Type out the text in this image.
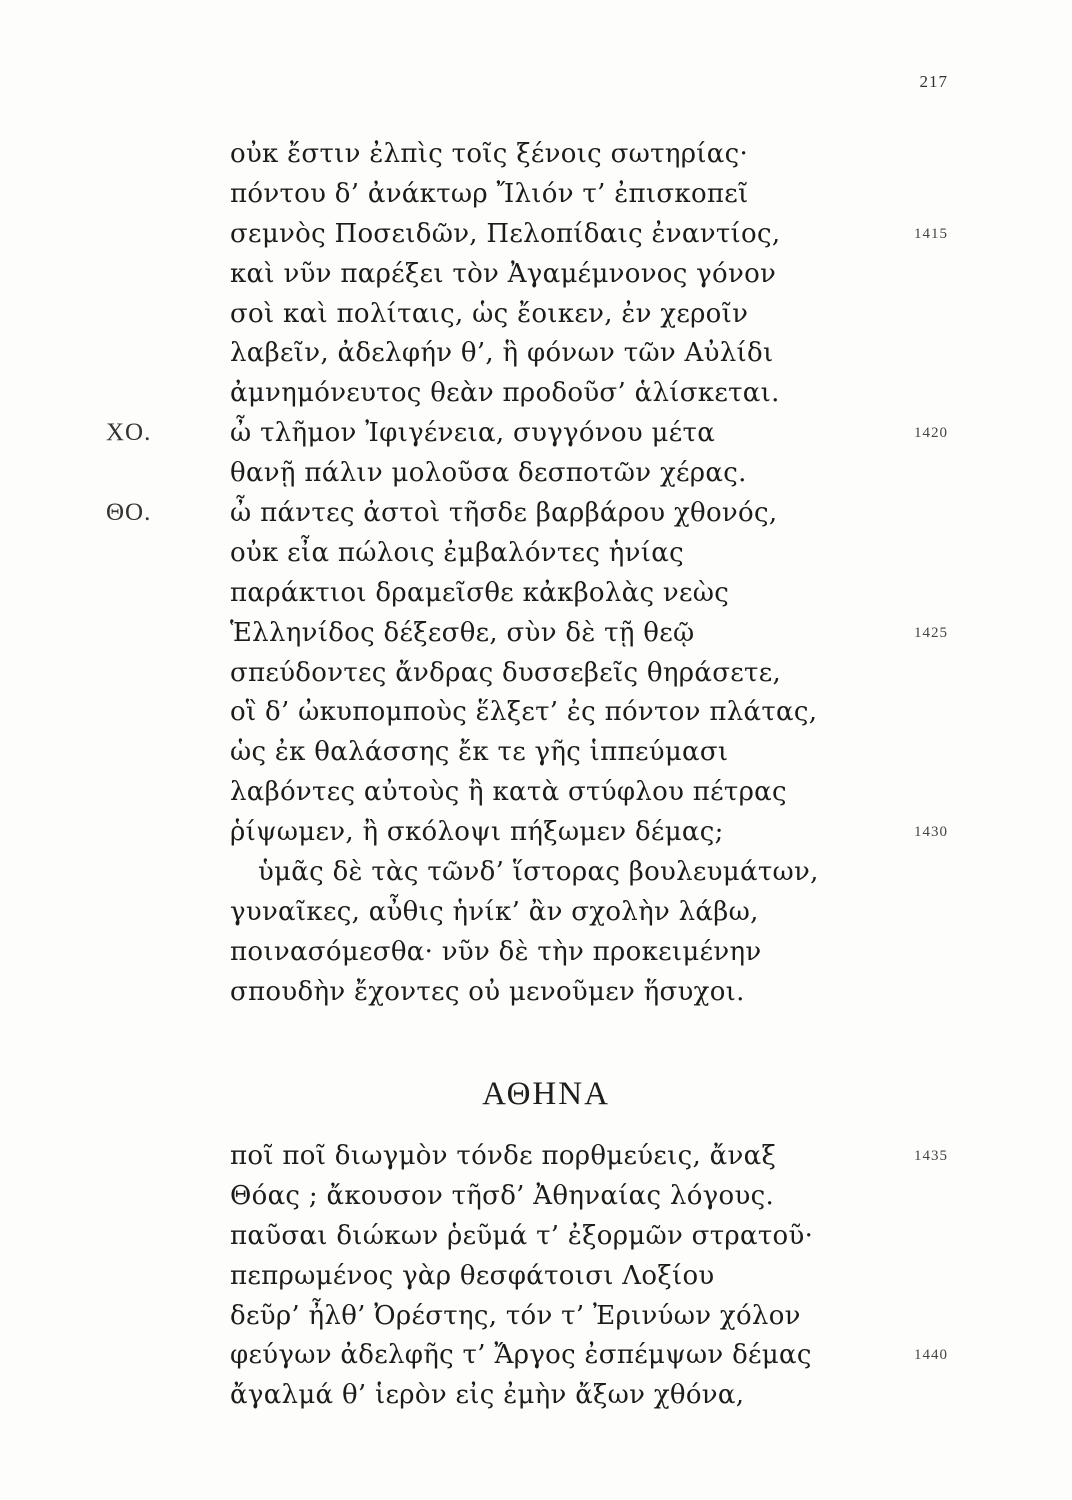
217
οὐκ ἔστιν ἐλπὶς τοῖς ξένοις σωτηρίας·
πόντου δ’ ἀνάκτωρ Ἴλιόν τ’ ἐπισκοπεῖ
σεμνὸς Ποσειδῶν, Πελοπίδαις ἐναντίος,	1415
καὶ νῦν παρέξει τὸν Ἀγαμέμνονος γόνον
σοὶ καὶ πολίταις, ὡς ἔοικεν, ἐν χεροῖν
λαβεῖν, ἀδελφήν θ’, ἣ φόνων τῶν Αὐλίδι
ἀμνημόνευτος θεὰν προδοῦσ’ ἁλίσκεται.
ΧΟ.	ὦ τλῆμον Ἰφιγένεια, συγγόνου μέτα	1420
θανῇ πάλιν μολοῦσα δεσποτῶν χέρας.
ΘΟ.	ὦ πάντες ἀστοὶ τῆσδε βαρβάρου χθονός,
οὐκ εἶα πώλοις ἐμβαλόντες ἡνίας
παράκτιοι δραμεῖσθε κἀκβολὰς νεὼς
Ἑλληνίδος δέξεσθε, σὺν δὲ τῇ θεῷ	1425
σπεύδοντες ἄνδρας δυσσεβεῖς θηράσετε,
οἳ δ’ ὠκυπομποὺς ἕλξετ’ ἐς πόντον πλάτας,
ὡς ἐκ θαλάσσης ἔκ τε γῆς ἱππεύμασι
λαβόντες αὐτοὺς ἢ κατὰ στύφλου πέτρας
ῥίψωμεν, ἢ σκόλοψι πήξωμεν δέμας;	1430
ὑμᾶς δὲ τὰς τῶνδ’ ἵστορας βουλευμάτων,
γυναῖκες, αὖθις ἡνίκ’ ἂν σχολὴν λάβω,
ποινασόμεσθα· νῦν δὲ τὴν προκειμένην
σπουδὴν ἔχοντες οὐ μενοῦμεν ἥσυχοι.
ΑΘΗΝΑ
ποῖ ποῖ διωγμὸν τόνδε πορθμεύεις, ἄναξ	1435
Θόας ; ἄκουσον τῆσδ’ Ἀθηναίας λόγους.
παῦσαι διώκων ῥεῦμά τ’ ἐξορμῶν στρατοῦ·
πεπρωμένος γὰρ θεσφάτοισι Λοξίου
δεῦρ’ ἦλθ’ Ὀρέστης, τόν τ’ Ἐρινύων χόλον
φεύγων ἀδελφῆς τ’ Ἄργος ἐσπέμψων δέμας	1440
ἄγαλμά θ’ ἱερὸν εἰς ἐμὴν ἄξων χθόνα,
